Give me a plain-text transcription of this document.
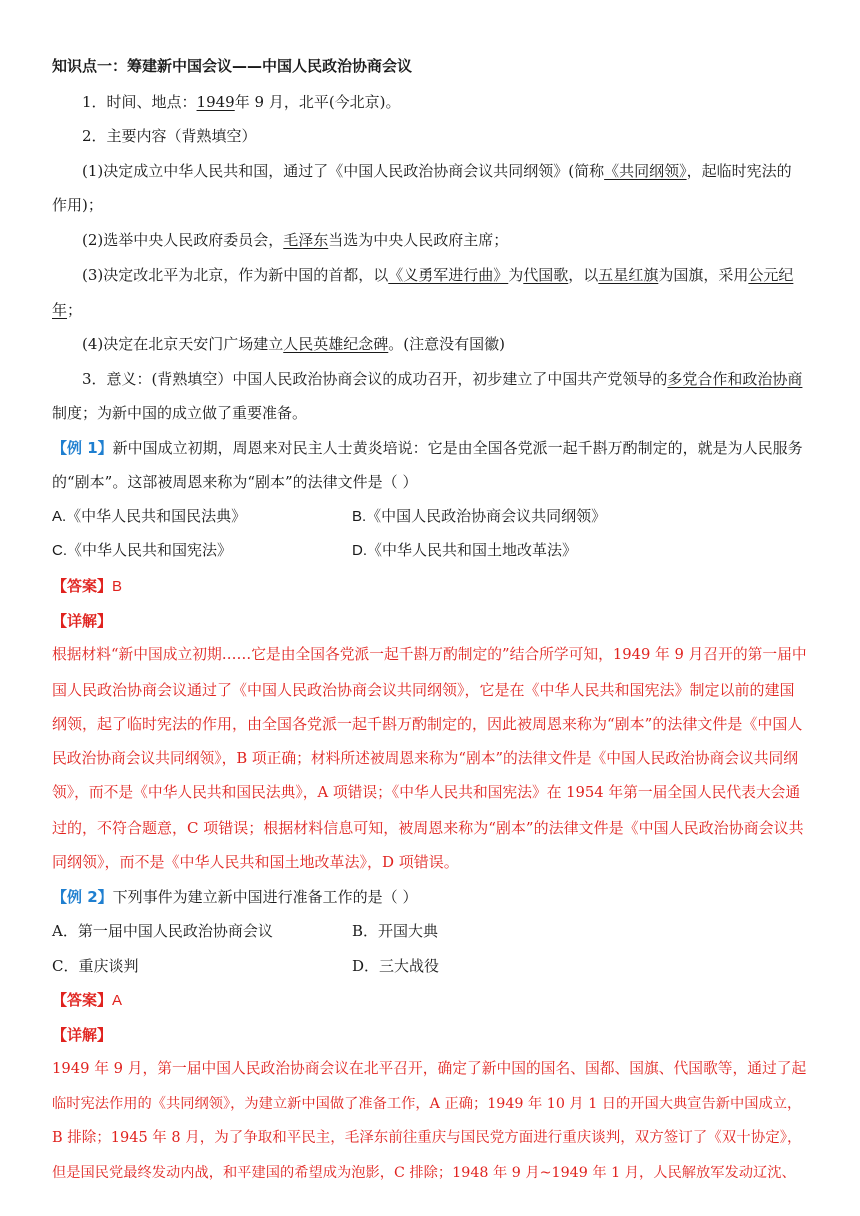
知识点一：筹建新中国会议——中国人民政治协商会议
1．时间、地点：1949年 9 月，北平(今北京)。
2．主要内容（背熟填空）
(1)决定成立中华人民共和国，通过了《中国人民政治协商会议共同纲领》(简称《共同纲领》，起临时宪法的
作用)；
(2)选举中央人民政府委员会，毛泽东当选为中央人民政府主席；
(3)决定改北平为北京，作为新中国的首都，以《义勇军进行曲》为代国歌，以五星红旗为国旗，采用公元纪
年；
(4)决定在北京天安门广场建立人民英雄纪念碑。(注意没有国徽)
3．意义：(背熟填空）中国人民政治协商会议的成功召开，初步建立了中国共产党领导的多党合作和政治协商
制度；为新中国的成立做了重要准备。
【例 1】新中国成立初期，周恩来对民主人士黄炎培说：它是由全国各党派一起千斟万酌制定的，就是为人民服务
的“剧本”。这部被周恩来称为“剧本”的法律文件是（ ）
A.《中华人民共和国民法典》	B.《中国人民政治协商会议共同纲领》
C.《中华人民共和国宪法》	D.《中华人民共和国土地改革法》
【答案】B
【详解】
根据材料“新中国成立初期……它是由全国各党派一起千斟万酌制定的”结合所学可知，1949 年 9 月召开的第一届中
国人民政治协商会议通过了《中国人民政治协商会议共同纲领》，它是在《中华人民共和国宪法》制定以前的建国
纲领，起了临时宪法的作用，由全国各党派一起千斟万酌制定的，因此被周恩来称为“剧本”的法律文件是《中国人
民政治协商会议共同纲领》，B 项正确；材料所述被周恩来称为“剧本”的法律文件是《中国人民政治协商会议共同纲
领》，而不是《中华人民共和国民法典》，A 项错误；《中华人民共和国宪法》在 1954 年第一届全国人民代表大会通
过的，不符合题意，C 项错误；根据材料信息可知，被周恩来称为“剧本”的法律文件是《中国人民政治协商会议共
同纲领》，而不是《中华人民共和国土地改革法》，D 项错误。
【例 2】下列事件为建立新中国进行准备工作的是（ ）
A．第一届中国人民政治协商会议	B．开国大典
C．重庆谈判	D．三大战役
【答案】A
【详解】
1949 年 9 月，第一届中国人民政治协商会议在北平召开，确定了新中国的国名、国都、国旗、代国歌等，通过了起
临时宪法作用的《共同纲领》，为建立新中国做了准备工作，A 正确；1949 年 10 月 1 日的开国大典宣告新中国成立，
B 排除；1945 年 8 月，为了争取和平民主，毛泽东前往重庆与国民党方面进行重庆谈判，双方签订了《双十协定》，
但是国民党最终发动内战，和平建国的希望成为泡影，C 排除；1948 年 9 月~1949 年 1 月，人民解放军发动辽沈、
